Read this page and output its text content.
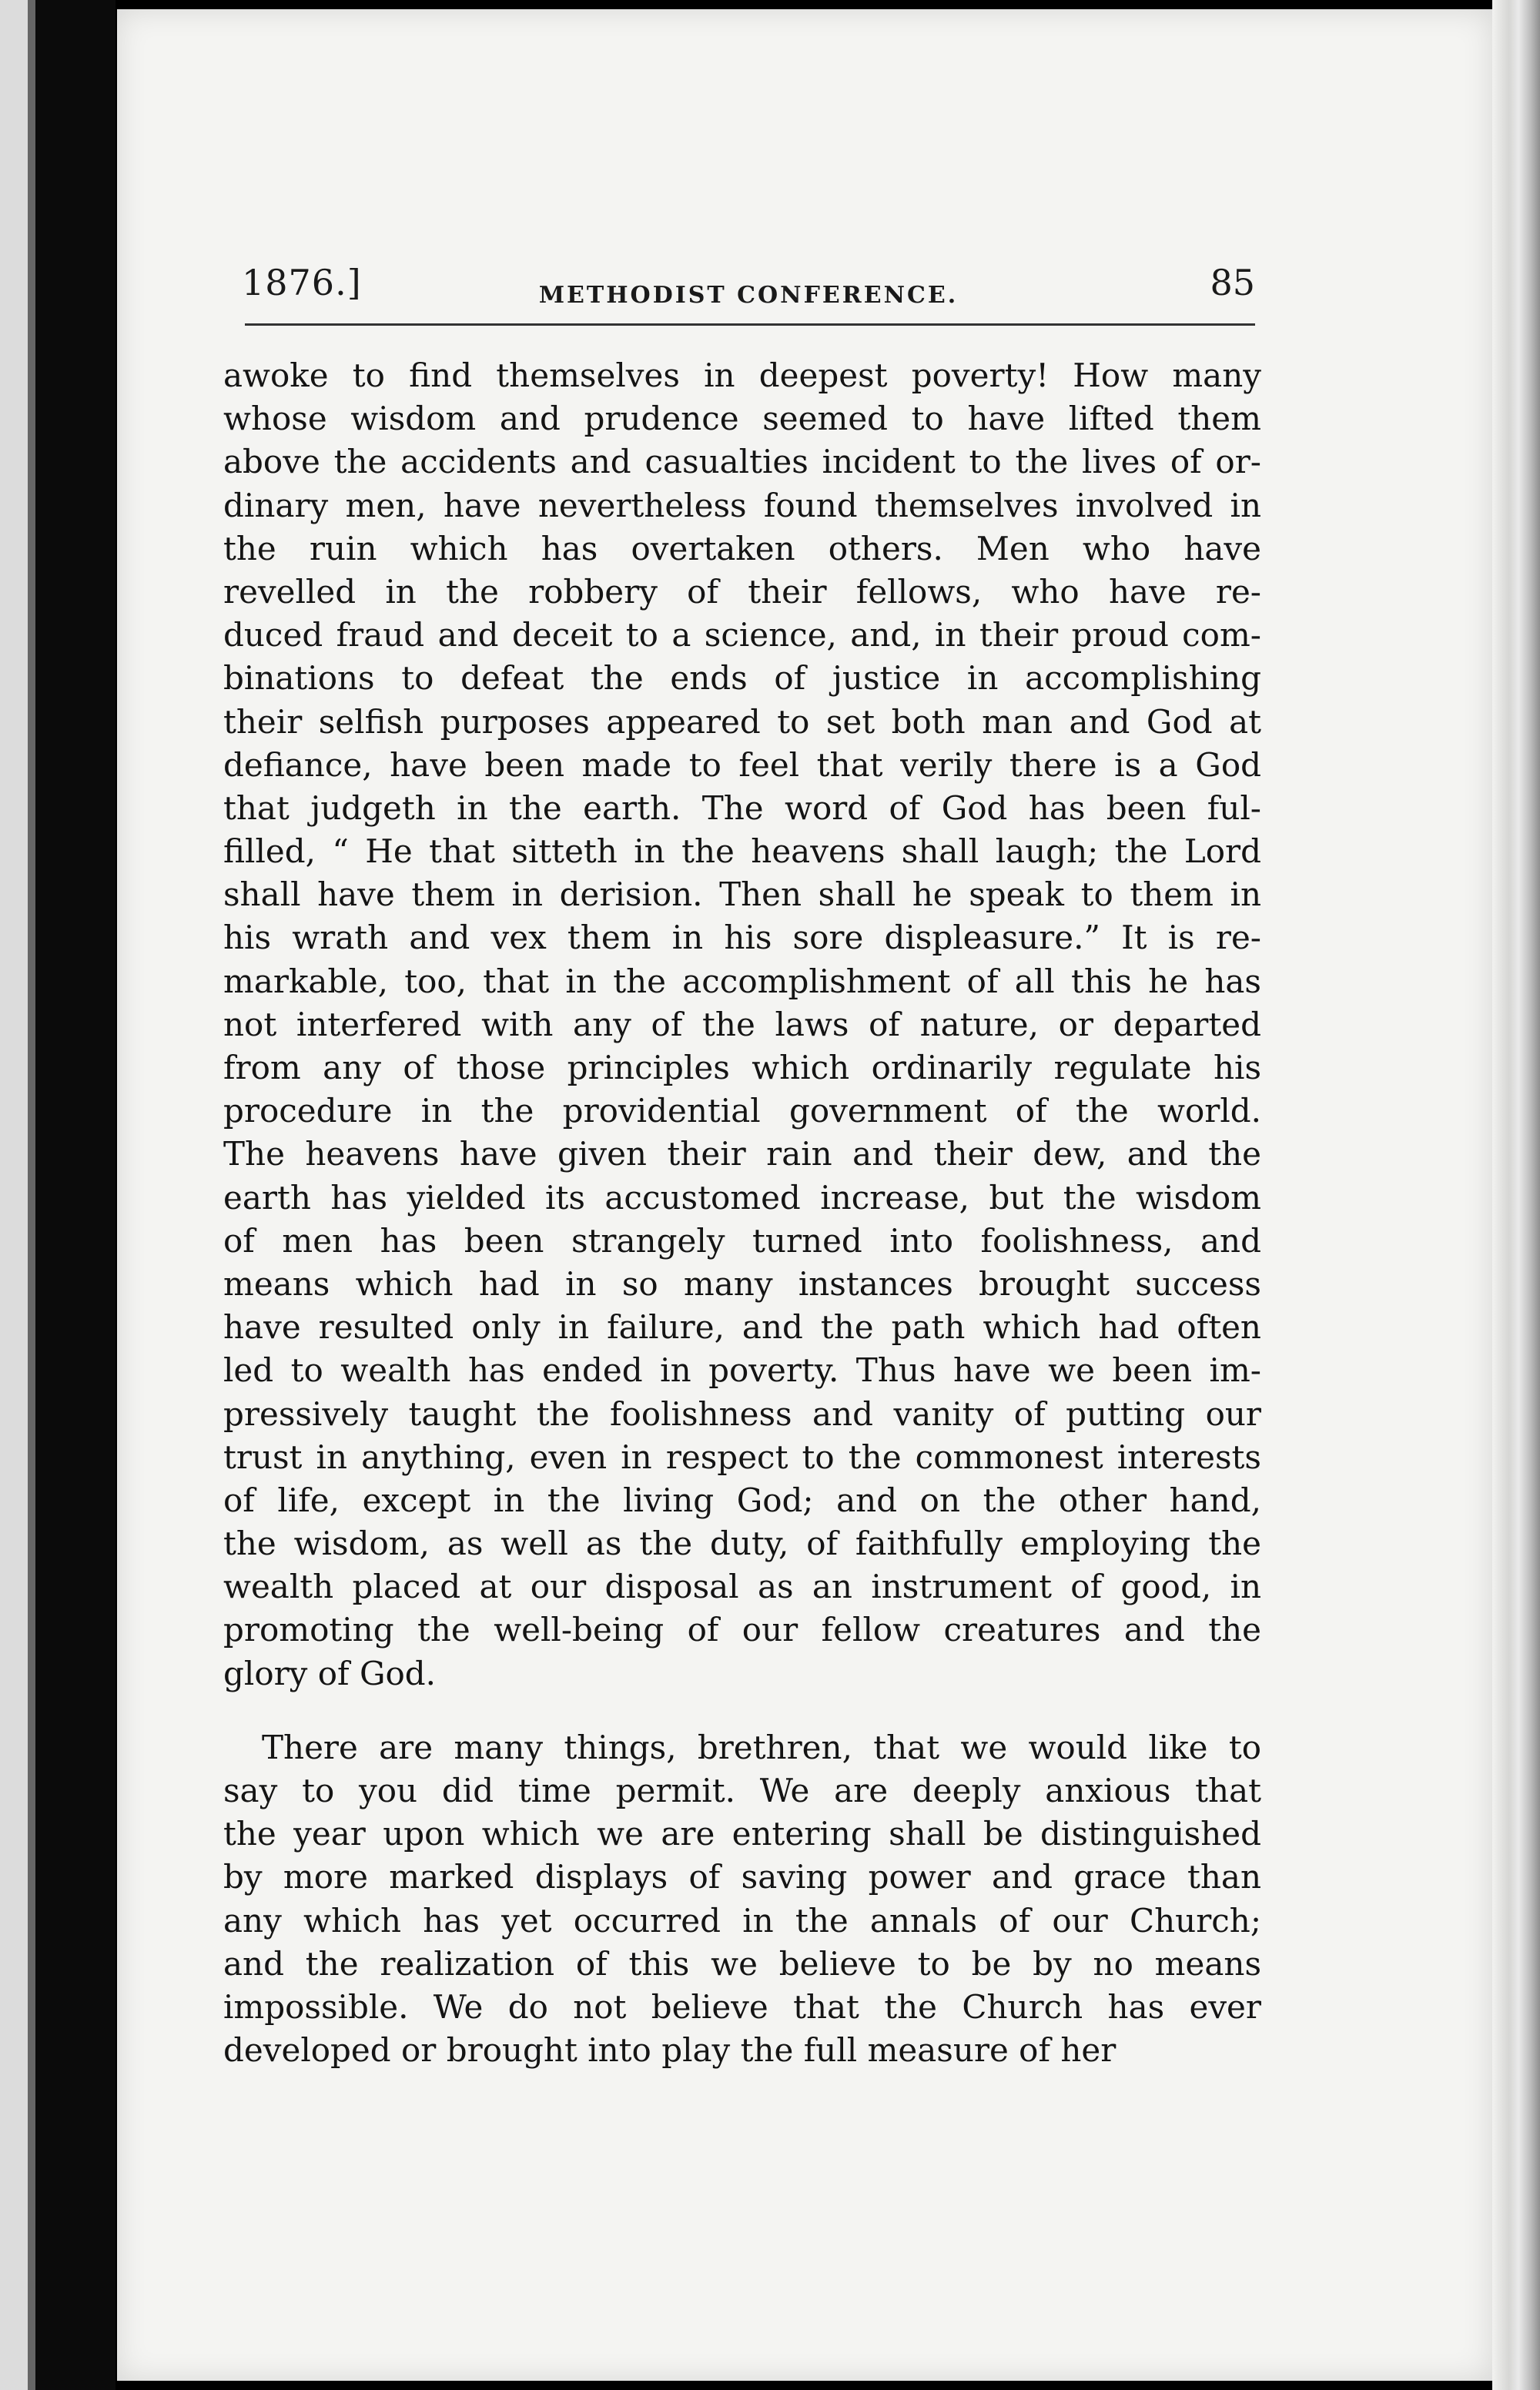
1876.]	METHODIST CONFERENCE.	85
awoke to find themselves in deepest poverty! How many
whose wisdom and prudence seemed to have lifted them
above the accidents and casualties incident to the lives of or-
dinary men, have nevertheless found themselves involved in
the ruin which has overtaken others. Men who have
revelled in the robbery of their fellows, who have re-
duced fraud and deceit to a science, and, in their proud com-
binations to defeat the ends of justice in accomplishing
their selfish purposes appeared to set both man and God at
defiance, have been made to feel that verily there is a God
that judgeth in the earth. The word of God has been ful-
filled, “ He that sitteth in the heavens shall laugh; the Lord
shall have them in derision. Then shall he speak to them in
his wrath and vex them in his sore displeasure.” It is re-
markable, too, that in the accomplishment of all this he has
not interfered with any of the laws of nature, or departed
from any of those principles which ordinarily regulate his
procedure in the providential government of the world.
The heavens have given their rain and their dew, and the
earth has yielded its accustomed increase, but the wisdom
of men has been strangely turned into foolishness, and
means which had in so many instances brought success
have resulted only in failure, and the path which had often
led to wealth has ended in poverty. Thus have we been im-
pressively taught the foolishness and vanity of putting our
trust in anything, even in respect to the commonest interests
of life, except in the living God; and on the other hand,
the wisdom, as well as the duty, of faithfully employing the
wealth placed at our disposal as an instrument of good, in
promoting the well-being of our fellow creatures and the
glory of God.
There are many things, brethren, that we would like to
say to you did time permit. We are deeply anxious that
the year upon which we are entering shall be distinguished
by more marked displays of saving power and grace than
any which has yet occurred in the annals of our Church;
and the realization of this we believe to be by no means
impossible. We do not believe that the Church has ever
developed or brought into play the full measure of her
